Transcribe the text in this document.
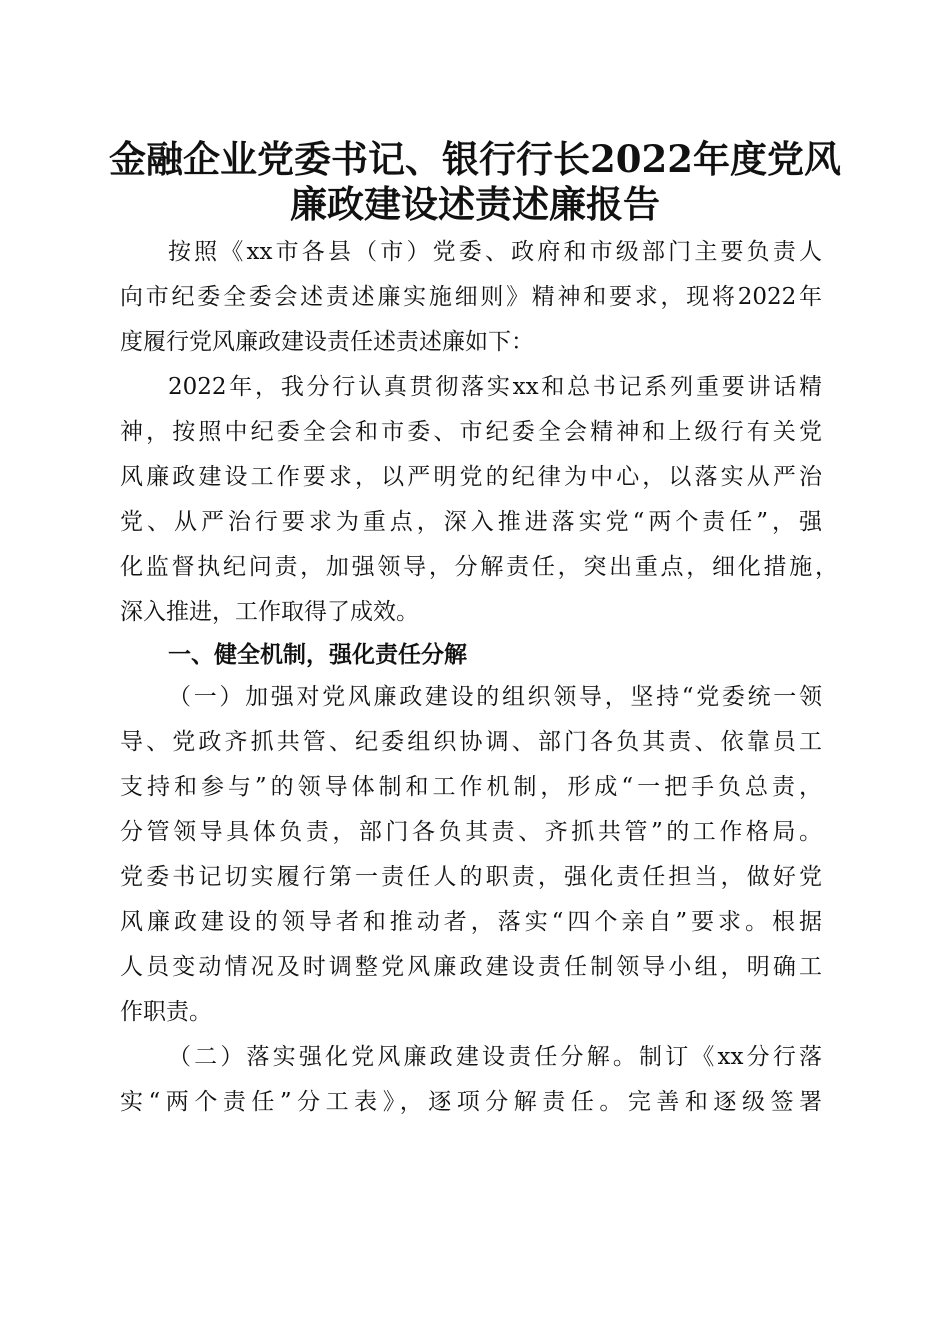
金融企业党委书记、银行行长2022年度党风
廉政建设述责述廉报告
按照《xx市各县（市）党委、政府和市级部门主要负责人
向市纪委全委会述责述廉实施细则》精神和要求，现将2022年
度履行党风廉政建设责任述责述廉如下：
2022年，我分行认真贯彻落实xx和总书记系列重要讲话精
神，按照中纪委全会和市委、市纪委全会精神和上级行有关党
风廉政建设工作要求，以严明党的纪律为中心，以落实从严治
党、从严治行要求为重点，深入推进落实党“两个责任”，强
化监督执纪问责，加强领导，分解责任，突出重点，细化措施，
深入推进，工作取得了成效。
一、健全机制，强化责任分解
（一）加强对党风廉政建设的组织领导，坚持“党委统一领
导、党政齐抓共管、纪委组织协调、部门各负其责、依靠员工
支持和参与”的领导体制和工作机制，形成“一把手负总责，
分管领导具体负责，部门各负其责、齐抓共管”的工作格局。
党委书记切实履行第一责任人的职责，强化责任担当，做好党
风廉政建设的领导者和推动者，落实“四个亲自”要求。根据
人员变动情况及时调整党风廉政建设责任制领导小组，明确工
作职责。
（二）落实强化党风廉政建设责任分解。制订《xx分行落
实“两个责任”分工表》，逐项分解责任。完善和逐级签署
